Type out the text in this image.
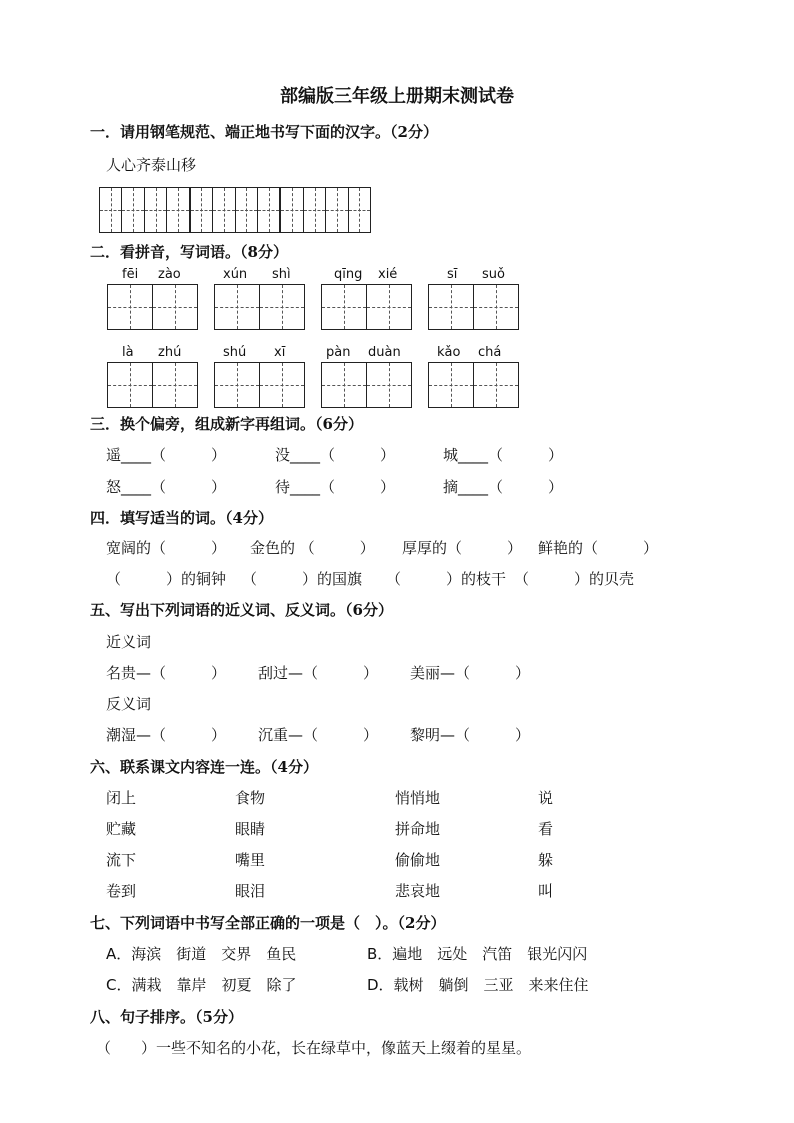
部编版三年级上册期末测试卷
一．请用钢笔规范、端正地书写下面的汉字。（2分）
人心齐泰山移
二．看拼音，写词语。（8分）
fēi zào	xún shì	qīng xié	sī suǒ
là zhú	shú xī	pàn duàn	kǎo chá
三．换个偏旁，组成新字再组词。（6分）
遥____（　　　）	没____（　　　）	城____（　　　）
怒____（　　　）	待____（　　　）	摘____（　　　）
四．填写适当的词。（4分）
宽阔的（　　　） 金色的 （　　　） 厚厚的（　　　） 鲜艳的（　　　）
（　　　）的铜钟 （　　　）的国旗 （　　　）的枝干 （　　　）的贝壳
五、写出下列词语的近义词、反义词。（6分）
近义词
名贵—（　　　） 刮过—（　　　） 美丽—（　　　）
反义词
潮湿—（　　　） 沉重—（　　　） 黎明—（　　　）
六、联系课文内容连一连。（4分）
闭上	食物	悄悄地	说
贮藏	眼睛	拼命地	看
流下	嘴里	偷偷地	躲
卷到	眼泪	悲哀地	叫
七、下列词语中书写全部正确的一项是（　）。（2分）
A．海滨　街道　交界　鱼民	B．遍地　远处　汽笛　银光闪闪
C．满栽　靠岸　初夏　除了	D．载树　躺倒　三亚　来来住住
八、句子排序。（5分）
（　　）一些不知名的小花，长在绿草中，像蓝天上缀着的星星。
